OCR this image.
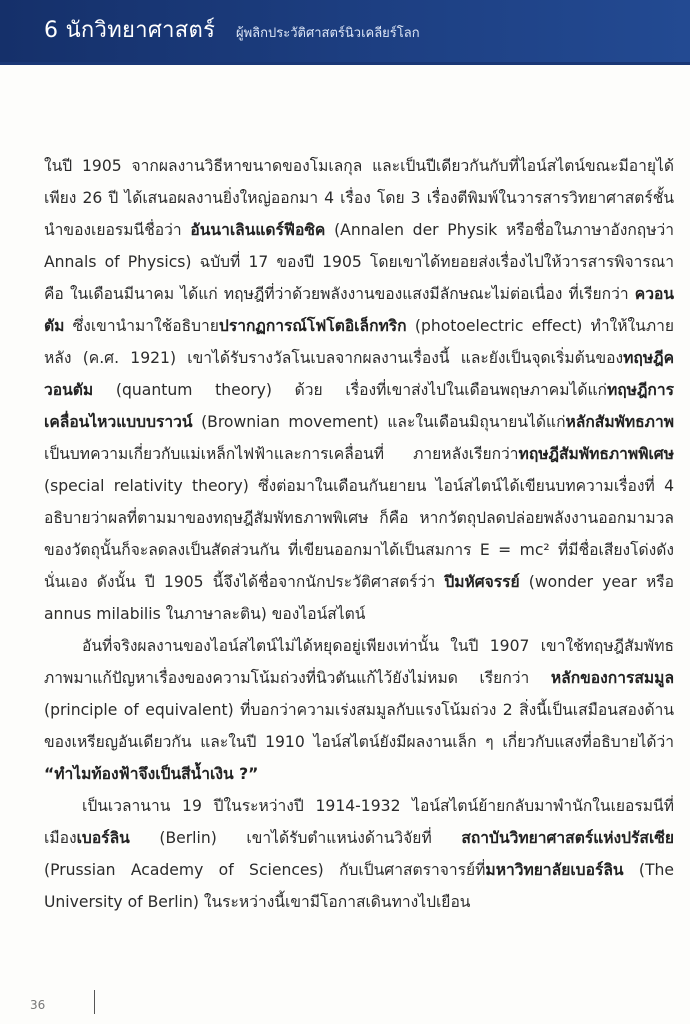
6 นักวิทยาศาสตร์ ผู้พลิกประวัติศาสตร์นิวเคลียร์โลก

ในปี 1905 จากผลงานวิธีหาขนาดของโมเลกุล และเป็นปีเดียวกันกับที่ไอน์สไตน์ขณะมีอายุได้เพียง 26 ปี ได้เสนอผลงานยิ่งใหญ่ออกมา 4 เรื่อง โดย 3 เรื่องตีพิมพ์ในวารสารวิทยาศาสตร์ชั้นนำของเยอรมนีชื่อว่า อันนาเลินแดร์ฟีอซิค (Annalen der Physik หรือชื่อในภาษาอังกฤษว่า Annals of Physics) ฉบับที่ 17 ของปี 1905 โดยเขาได้ทยอยส่งเรื่องไปให้วารสารพิจารณา คือ ในเดือนมีนาคม ได้แก่ ทฤษฎีที่ว่าด้วยพลังงานของแสงมีลักษณะไม่ต่อเนื่อง ที่เรียกว่า ควอนตัม ซึ่งเขานำมาใช้อธิบายปรากฏการณ์โฟโตอิเล็กทริก (photoelectric effect) ทำให้ในภายหลัง (ค.ศ. 1921) เขาได้รับรางวัลโนเบลจากผลงานเรื่องนี้ และยังเป็นจุดเริ่มต้นของทฤษฎีควอนตัม (quantum theory) ด้วย เรื่องที่เขาส่งไปในเดือนพฤษภาคมได้แก่ทฤษฎีการเคลื่อนไหวแบบบราวน์ (Brownian movement) และในเดือนมิถุนายนได้แก่หลักสัมพัทธภาพเป็นบทความเกี่ยวกับแม่เหล็กไฟฟ้าและการเคลื่อนที่ ภายหลังเรียกว่าทฤษฎีสัมพัทธภาพพิเศษ (special relativity theory) ซึ่งต่อมาในเดือนกันยายน ไอน์สไตน์ได้เขียนบทความเรื่องที่ 4 อธิบายว่าผลที่ตามมาของทฤษฎีสัมพัทธภาพพิเศษ ก็คือ หากวัตถุปลดปล่อยพลังงานออกมามวลของวัตถุนั้นก็จะลดลงเป็นสัดส่วนกัน ที่เขียนออกมาได้เป็นสมการ E = mc² ที่มีชื่อเสียงโด่งดังนั่นเอง ดังนั้น ปี 1905 นี้จึงได้ชื่อจากนักประวัติศาสตร์ว่า ปีมหัศจรรย์ (wonder year หรือ annus milabilis ในภาษาละติน) ของไอน์สไตน์

อันที่จริงผลงานของไอน์สไตน์ไม่ได้หยุดอยู่เพียงเท่านั้น ในปี 1907 เขาใช้ทฤษฎีสัมพัทธภาพมาแก้ปัญหาเรื่องของความโน้มถ่วงที่นิวตันแก้ไว้ยังไม่หมด เรียกว่า หลักของการสมมูล (principle of equivalent) ที่บอกว่าความเร่งสมมูลกับแรงโน้มถ่วง 2 สิ่งนี้เป็นเสมือนสองด้านของเหรียญอันเดียวกัน และในปี 1910 ไอน์สไตน์ยังมีผลงานเล็ก ๆ เกี่ยวกับแสงที่อธิบายได้ว่า “ทำไมท้องฟ้าจึงเป็นสีน้ำเงิน ?”

เป็นเวลานาน 19 ปีในระหว่างปี 1914-1932 ไอน์สไตน์ย้ายกลับมาพำนักในเยอรมนีที่เมืองเบอร์ลิน (Berlin) เขาได้รับตำแหน่งด้านวิจัยที่ สถาบันวิทยาศาสตร์แห่งปรัสเซีย (Prussian Academy of Sciences) กับเป็นศาสตราจารย์ที่มหาวิทยาลัยเบอร์ลิน (The University of Berlin) ในระหว่างนี้เขามีโอกาสเดินทางไปเยือน

36
